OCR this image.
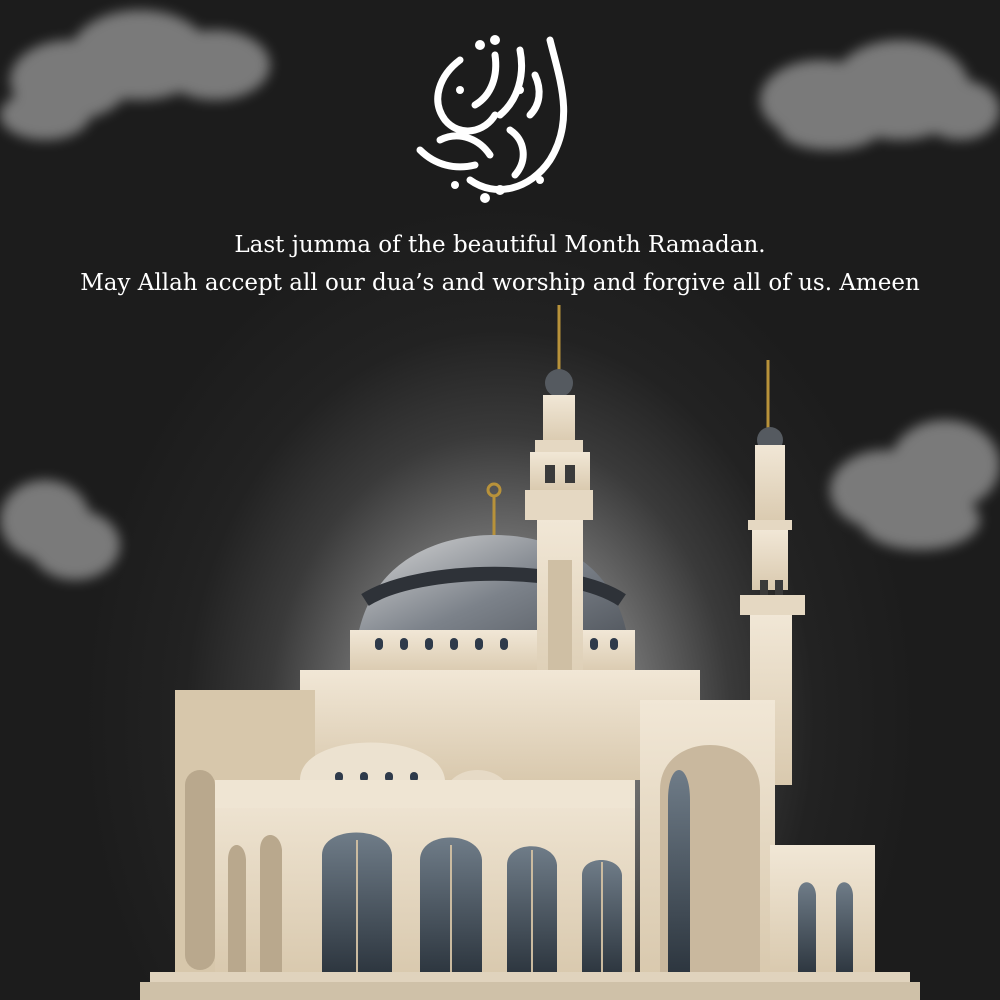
Last jumma of the beautiful Month Ramadan.
May Allah accept all our dua’s and worship and forgive all of us. Ameen
